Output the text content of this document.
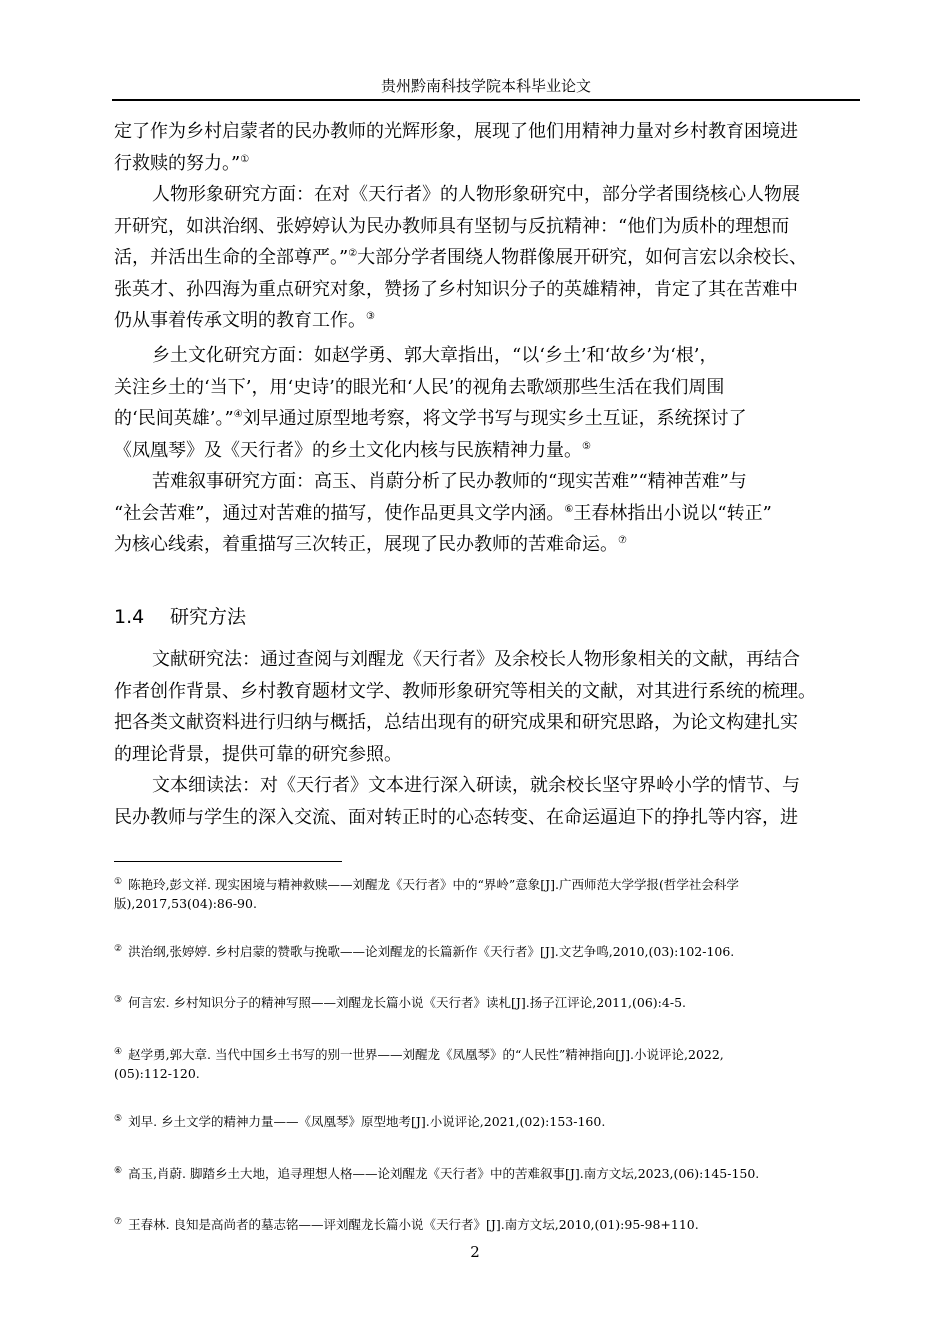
贵州黔南科技学院本科毕业论文
定了作为乡村启蒙者的民办教师的光辉形象，展现了他们用精神力量对乡村教育困境进
行救赎的努力。”①
人物形象研究方面：在对《天行者》的人物形象研究中，部分学者围绕核心人物展
开研究，如洪治纲、张婷婷认为民办教师具有坚韧与反抗精神：“他们为质朴的理想而
活，并活出生命的全部尊严。”②大部分学者围绕人物群像展开研究，如何言宏以余校长、
张英才、孙四海为重点研究对象，赞扬了乡村知识分子的英雄精神，肯定了其在苦难中
仍从事着传承文明的教育工作。③
乡土文化研究方面：如赵学勇、郭大章指出，“以‘乡土’和‘故乡’为‘根’，
关注乡土的‘当下’，用‘史诗’的眼光和‘人民’的视角去歌颂那些生活在我们周围
的‘民间英雄’。”④刘早通过原型地考察，将文学书写与现实乡土互证，系统探讨了
《凤凰琴》及《天行者》的乡土文化内核与民族精神力量。⑤
苦难叙事研究方面：高玉、肖蔚分析了民办教师的“现实苦难”“精神苦难”与
“社会苦难”，通过对苦难的描写，使作品更具文学内涵。⑥王春林指出小说以“转正”
为核心线索，着重描写三次转正，展现了民办教师的苦难命运。⑦
1.4 研究方法
文献研究法：通过查阅与刘醒龙《天行者》及余校长人物形象相关的文献，再结合
作者创作背景、乡村教育题材文学、教师形象研究等相关的文献，对其进行系统的梳理。
把各类文献资料进行归纳与概括，总结出现有的研究成果和研究思路，为论文构建扎实
的理论背景，提供可靠的研究参照。
文本细读法：对《天行者》文本进行深入研读，就余校长坚守界岭小学的情节、与
民办教师与学生的深入交流、面对转正时的心态转变、在命运逼迫下的挣扎等内容，进
① 陈艳玲,彭文祥. 现实困境与精神救赎——刘醒龙《天行者》中的“界岭”意象[J].广西师范大学学报(哲学社会科学
版),2017,53(04):86-90.
② 洪治纲,张婷婷. 乡村启蒙的赞歌与挽歌——论刘醒龙的长篇新作《天行者》[J].文艺争鸣,2010,(03):102-106.
③ 何言宏. 乡村知识分子的精神写照——刘醒龙长篇小说《天行者》读札[J].扬子江评论,2011,(06):4-5.
④ 赵学勇,郭大章. 当代中国乡土书写的别一世界——刘醒龙《凤凰琴》的“人民性”精神指向[J].小说评论,2022,
(05):112-120.
⑤ 刘早. 乡土文学的精神力量——《凤凰琴》原型地考[J].小说评论,2021,(02):153-160.
⑥ 高玉,肖蔚. 脚踏乡土大地，追寻理想人格——论刘醒龙《天行者》中的苦难叙事[J].南方文坛,2023,(06):145-150.
⑦ 王春林. 良知是高尚者的墓志铭——评刘醒龙长篇小说《天行者》[J].南方文坛,2010,(01):95-98+110.
2
